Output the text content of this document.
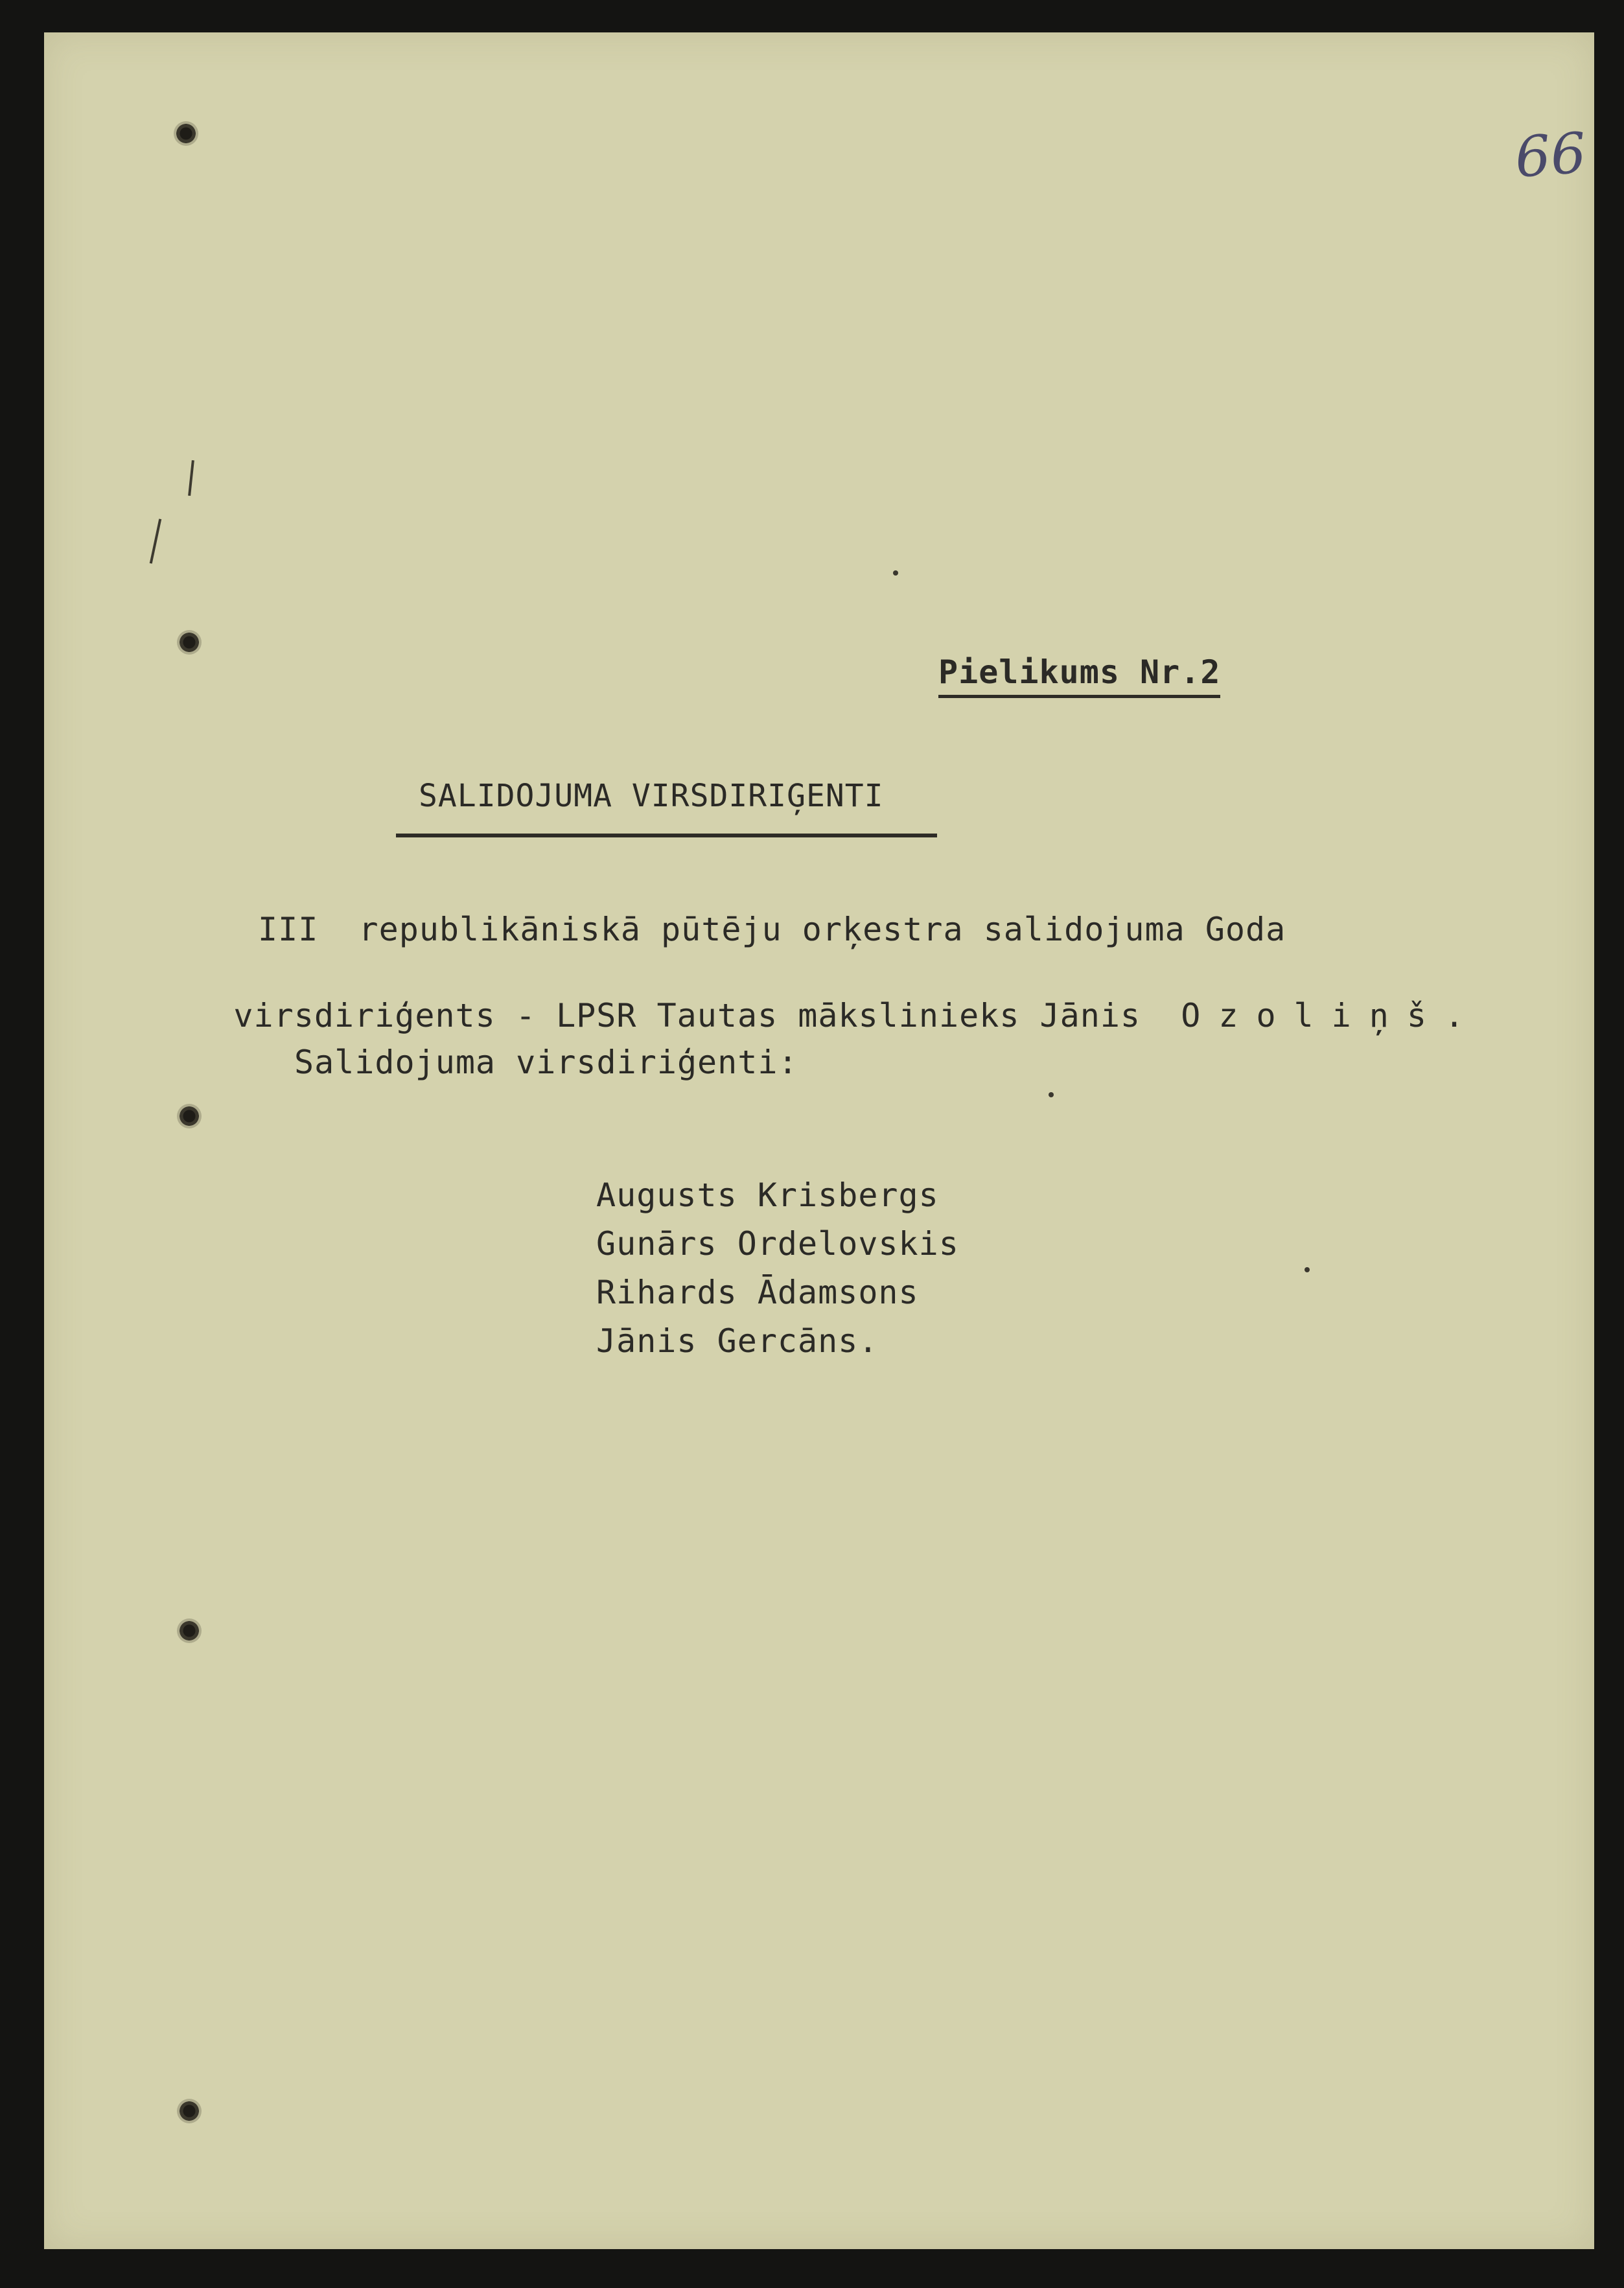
66
Pielikums Nr.2
SALIDOJUMA VIRSDIRIĢENTI
III  republikāniskā pūtēju orķestra salidojuma Goda

virsdiriģents - LPSR Tautas mākslinieks Jānis  Ozoliņš.

Salidojuma virsdiriģenti:
Augusts Krisbergs
Gunārs Ordelovskis
Rihards Ādamsons
Jānis Gercāns.
